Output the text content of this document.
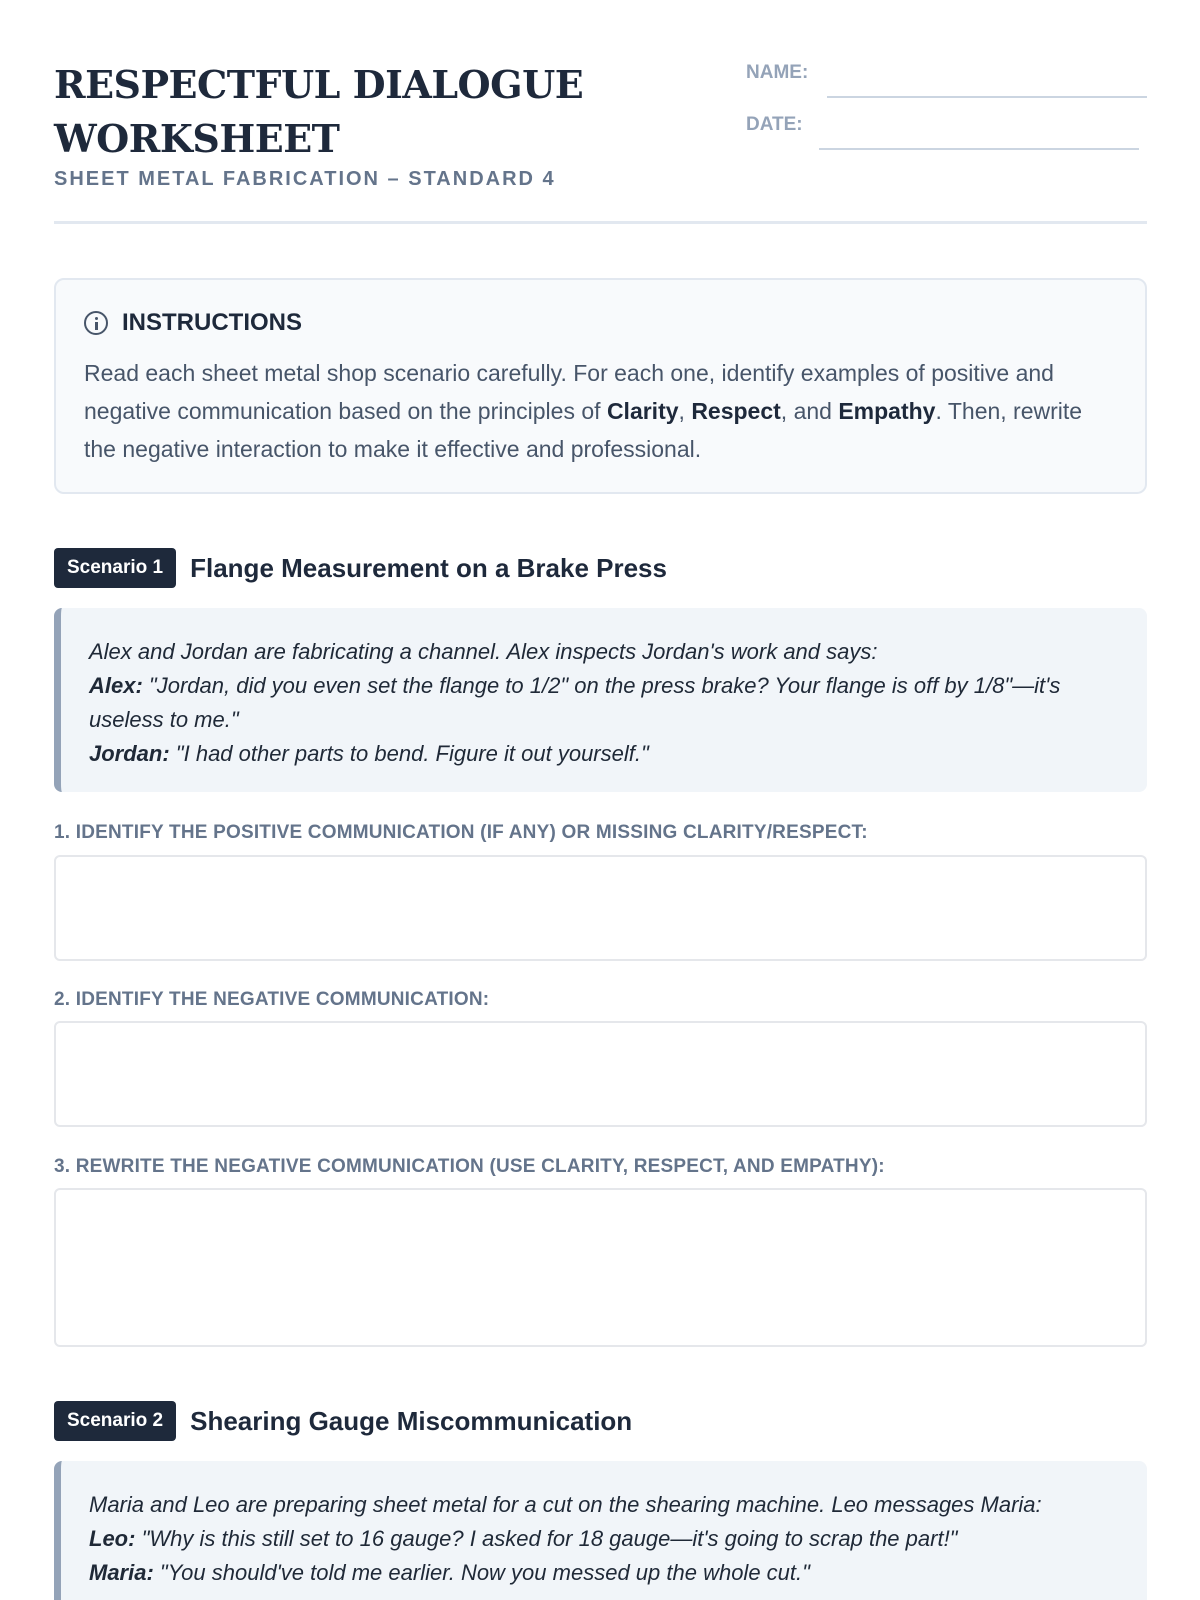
RESPECTFUL DIALOGUE WORKSHEET
SHEET METAL FABRICATION – STANDARD 4
NAME:
DATE:
INSTRUCTIONS
Read each sheet metal shop scenario carefully. For each one, identify examples of positive and negative communication based on the principles of Clarity, Respect, and Empathy. Then, rewrite the negative interaction to make it effective and professional.
Scenario 1	Flange Measurement on a Brake Press
Alex and Jordan are fabricating a channel. Alex inspects Jordan's work and says:
Alex: "Jordan, did you even set the flange to 1/2" on the press brake? Your flange is off by 1/8"—it's useless to me."
Jordan: "I had other parts to bend. Figure it out yourself."
1. IDENTIFY THE POSITIVE COMMUNICATION (IF ANY) OR MISSING CLARITY/RESPECT:
2. IDENTIFY THE NEGATIVE COMMUNICATION:
3. REWRITE THE NEGATIVE COMMUNICATION (USE CLARITY, RESPECT, AND EMPATHY):
Scenario 2	Shearing Gauge Miscommunication
Maria and Leo are preparing sheet metal for a cut on the shearing machine. Leo messages Maria:
Leo: "Why is this still set to 16 gauge? I asked for 18 gauge—it's going to scrap the part!"
Maria: "You should've told me earlier. Now you messed up the whole cut."
